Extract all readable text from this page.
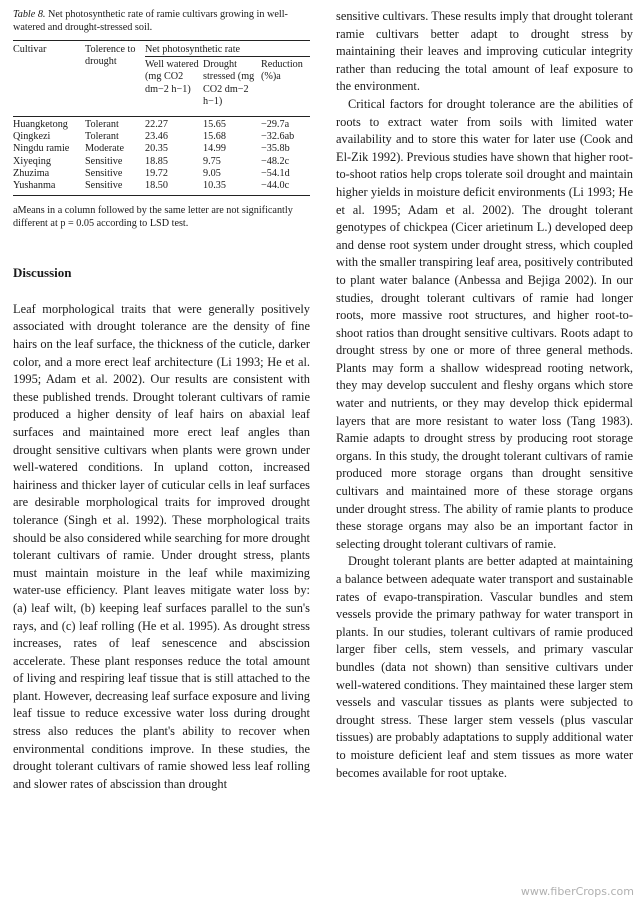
Table 8. Net photosynthetic rate of ramie cultivars growing in well-watered and drought-stressed soil.

Cultivar	Tolerence to drought	Net photosynthetic rate		
		Well watered (mg CO2 dm−2 h−1)	Drought stressed (mg CO2 dm−2 h−1)	Reduction (%)a

Huangketong	Tolerant	22.27	15.65	−29.7a
Qingkezi	Tolerant	23.46	15.68	−32.6ab
Ningdu ramie	Moderate	20.35	14.99	−35.8b
Xiyeqing	Sensitive	18.85	9.75	−48.2c
Zhuzima	Sensitive	19.72	9.05	−54.1d
Yushanma	Sensitive	18.50	10.35	−44.0c

aMeans in a column followed by the same letter are not significantly different at p = 0.05 according to LSD test.

Discussion

Leaf morphological traits that were generally positively associated with drought tolerance are the density of fine hairs on the leaf surface, the thickness of the cuticle, darker color, and a more erect leaf architecture (Li 1993; He et al. 1995; Adam et al. 2002). Our results are consistent with these published trends. Drought tolerant cultivars of ramie produced a higher density of leaf hairs on abaxial leaf surfaces and maintained more erect leaf angles than drought sensitive cultivars when plants were grown under well-watered conditions. In upland cotton, increased hairiness and thicker layer of cuticular cells in leaf surfaces are desirable morphological traits for improved drought tolerance (Singh et al. 1992). These morphological traits should be also considered while searching for more drought tolerant cultivars of ramie. Under drought stress, plants must maintain moisture in the leaf while maximizing water-use efficiency. Plant leaves mitigate water loss by: (a) leaf wilt, (b) keeping leaf surfaces parallel to the sun's rays, and (c) leaf rolling (He et al. 1995). As drought stress increases, rates of leaf senescence and abscission accelerate. These plant responses reduce the total amount of living and respiring leaf tissue that is still attached to the plant. However, decreasing leaf surface exposure and living leaf tissue to reduce excessive water loss during drought stress also reduces the plant's ability to recover when environmental conditions improve. In these studies, the drought tolerant cultivars of ramie showed less leaf rolling and slower rates of abscission than drought

sensitive cultivars. These results imply that drought tolerant ramie cultivars better adapt to drought stress by maintaining their leaves and improving cuticular integrity rather than reducing the total amount of leaf exposure to the environment.

Critical factors for drought tolerance are the abilities of roots to extract water from soils with limited water availability and to store this water for later use (Cook and El-Zik 1992). Previous studies have shown that higher root-to-shoot ratios help crops tolerate soil drought and maintain higher yields in moisture deficit environments (Li 1993; He et al. 1995; Adam et al. 2002). The drought tolerant genotypes of chickpea (Cicer arietinum L.) developed deep and dense root system under drought stress, which coupled with the smaller transpiring leaf area, positively contributed to plant water balance (Anbessa and Bejiga 2002). In our studies, drought tolerant cultivars of ramie had longer roots, more massive root structures, and higher root-to-shoot ratios than drought sensitive cultivars. Roots adapt to drought stress by one or more of three general methods. Plants may form a shallow widespread rooting network, they may develop succulent and fleshy organs which store water and nutrients, or they may develop thick epidermal layers that are more resistant to water loss (Tang 1983). Ramie adapts to drought stress by producing root storage organs. In this study, the drought tolerant cultivars of ramie produced more storage organs than drought sensitive cultivars and maintained more of these storage organs under drought stress. The ability of ramie plants to produce these storage organs may also be an important factor in selecting drought tolerant cultivars of ramie.

Drought tolerant plants are better adapted at maintaining a balance between adequate water transport and sustainable rates of evapo-transpiration. Vascular bundles and stem vessels provide the primary pathway for water transport in plants. In our studies, tolerant cultivars of ramie produced larger fiber cells, stem vessels, and primary vascular bundles (data not shown) than sensitive cultivars under well-watered conditions. They maintained these larger stem vessels and vascular tissues as plants were subjected to drought stress. These larger stem vessels (plus vascular tissues) are probably adaptations to supply additional water to moisture deficient leaf and stem tissues as more water becomes available for root uptake.

www.fiberCrops.com
